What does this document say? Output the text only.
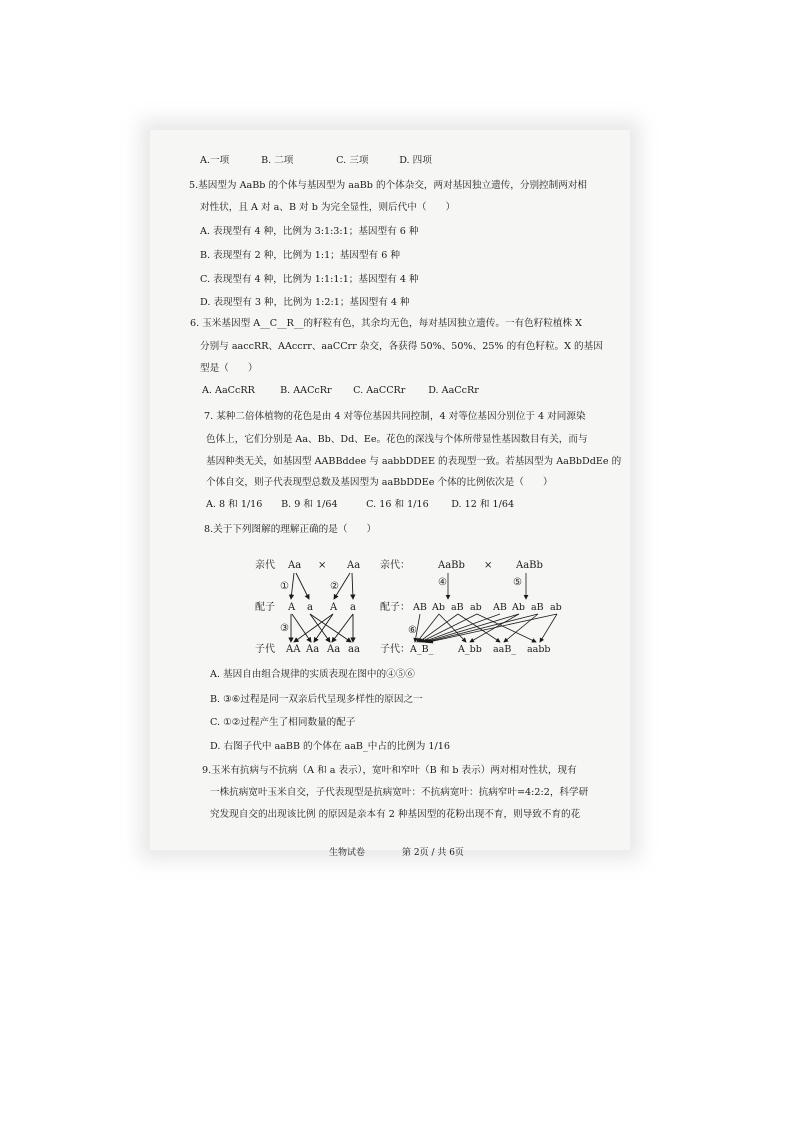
A.一项	B. 二项	C. 三项	D. 四项
5.基因型为 AaBb 的个体与基因型为 aaBb 的个体杂交，两对基因独立遗传，分别控制两对相
对性状，且 A 对 a、B 对 b 为完全显性，则后代中（　　）
A. 表现型有 4 种，比例为 3:1:3:1；基因型有 6 种
B. 表现型有 2 种，比例为 1:1；基因型有 6 种
C. 表现型有 4 种，比例为 1:1:1:1；基因型有 4 种
D. 表现型有 3 种，比例为 1:2:1；基因型有 4 种
6. 玉米基因型 A__C__R__的籽粒有色，其余均无色，每对基因独立遗传。一有色籽粒植株 X
分别与 aaccRR、AAccrr、aaCCrr 杂交，各获得 50%、50%、25% 的有色籽粒。X 的基因
型是（　　）
A. AaCcRR	B. AACcRr C. AaCCRr D. AaCcRr
7. 某种二倍体植物的花色是由 4 对等位基因共同控制，4 对等位基因分别位于 4 对同源染
色体上，它们分别是 Aa、Bb、Dd、Ee。花色的深浅与个体所带显性基因数目有关，而与
基因种类无关，如基因型 AABBddee 与 aabbDDEE 的表现型一致。若基因型为 AaBbDdEe 的
个体自交，则子代表现型总数及基因型为 aaBbDDEe 个体的比例依次是（　　）
A. 8 和 1/16 B. 9 和 1/64	C. 16 和 1/16 D. 12 和 1/64
8.关于下列图解的理解正确的是（　　）
亲代 Aa × Aa
①	②
配子 A a A a
③
子代 AA Aa Aa aa
亲代：	AaBb × AaBb
④	⑤
配子： AB Ab aB ab AB Ab aB ab
⑥
子代： A_B_	A_bb aaB_ aabb
A. 基因自由组合规律的实质表现在图中的④⑤⑥
B. ③⑥过程是同一双亲后代呈现多样性的原因之一
C. ①②过程产生了相同数量的配子
D. 右图子代中 aaBB 的个体在 aaB_中占的比例为 1/16
9.玉米有抗病与不抗病（A 和 a 表示），宽叶和窄叶（B 和 b 表示）两对相对性状，现有
一株抗病宽叶玉米自交，子代表现型是抗病宽叶：不抗病宽叶：抗病窄叶=4:2:2，科学研
究发现自交的出现该比例 的原因是亲本有 2 种基因型的花粉出现不育，则导致不育的花
生物试卷	第 2页 / 共 6页
